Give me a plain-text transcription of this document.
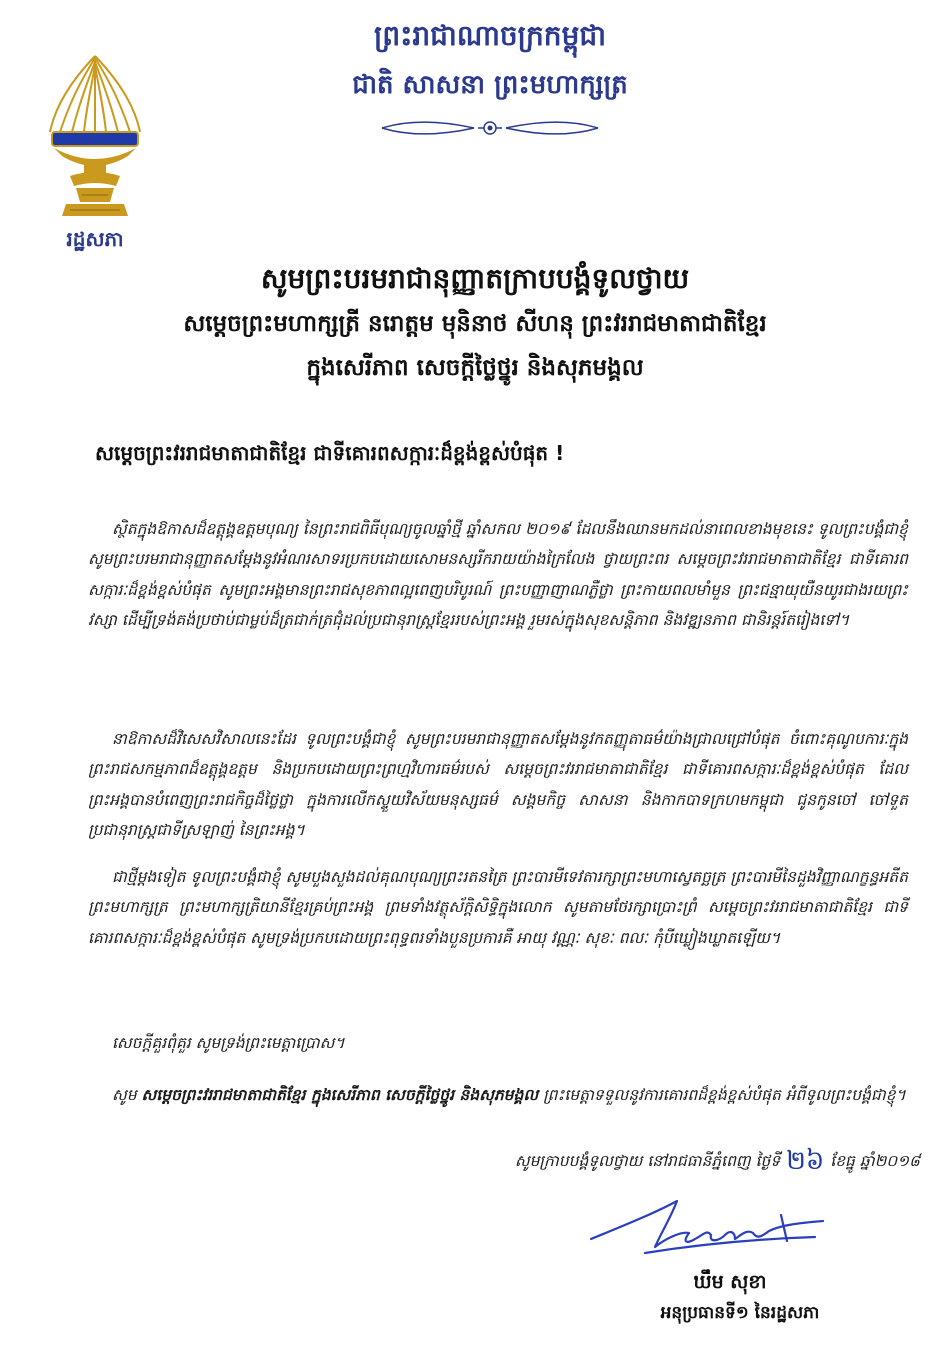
រដ្ឋសភា
ព្រះរាជាណាចក្រកម្ពុជា
ជាតិ សាសនា ព្រះមហាក្សត្រ
សូមព្រះបរមរាជានុញ្ញាតក្រាបបង្គំទូលថ្វាយ
សម្តេចព្រះមហាក្សត្រី នរោត្តម មុនិនាថ សីហនុ ព្រះវររាជមាតាជាតិខ្មែរ
ក្នុងសេរីភាព សេចក្តីថ្លៃថ្នូរ និងសុភមង្គល
សម្តេចព្រះវររាជមាតាជាតិខ្មែរ ជាទីគោរពសក្ការៈដ៏ខ្ពង់ខ្ពស់បំផុត !

ស្ថិតក្នុងឱកាសដ៏ឧត្តុង្គឧត្តមបុណ្យ នៃព្រះរាជពិធីបុណ្យចូលឆ្នាំថ្មី ឆ្នាំសកល ២០១៩ ដែលនឹងឈានមកដល់នាពេលខាងមុខនេះ ទូលព្រះបង្គំជាខ្ញុំ សូមព្រះបរមរាជានុញ្ញាតសម្តែងនូវអំណរសាទរប្រកបដោយសោមនស្សរីករាយយ៉ាងក្រៃលែង ថ្វាយព្រះពរ សម្តេចព្រះវររាជមាតាជាតិខ្មែរ ជាទីគោរពសក្ការៈដ៏ខ្ពង់ខ្ពស់បំផុត សូមព្រះអង្គមានព្រះរាជសុខភាពល្អពេញបរិបូរណ៍ ព្រះបញ្ញាញាណភ្លឺថ្លា ព្រះកាយពលមាំមួន ព្រះជន្មាយុយឺនយូរជាងរយព្រះវស្សា ដើម្បីទ្រង់គង់ប្រថាប់ជាម្លប់ដ៏ត្រជាក់ត្រជុំដល់ប្រជានុរាស្ត្រខ្មែររបស់ព្រះអង្គ រួមរស់ក្នុងសុខសន្តិភាព និងវឌ្ឍនភាព ជានិរន្តរ៍តរៀងទៅ។

នាឱកាសដ៏វិសេសវិសាលនេះដែរ ទូលព្រះបង្គំជាខ្ញុំ សូមព្រះបរមរាជានុញ្ញាតសម្តែងនូវកតញ្ញុតាធម៌យ៉ាងជ្រាលជ្រៅបំផុត ចំពោះគុណូបការៈក្នុងព្រះរាជសកម្មភាពដ៏ឧត្តុង្គឧត្តម និងប្រកបដោយព្រះព្រហ្មវិហារធម៌របស់ សម្តេចព្រះវររាជមាតាជាតិខ្មែរ ជាទីគោរពសក្ការៈដ៏ខ្ពង់ខ្ពស់បំផុត ដែលព្រះអង្គបានបំពេញព្រះរាជកិច្ចដ៏ថ្លៃថ្លា ក្នុងការលើកស្ទួយវិស័យមនុស្សធម៌ សង្គមកិច្ច សាសនា និងកាកបាទក្រហមកម្ពុជា ជូនកូនចៅ ចៅទួត ប្រជានុរាស្ត្រជាទីស្រឡាញ់ នៃព្រះអង្គ។

ជាថ្មីម្តងទៀត ទូលព្រះបង្គំជាខ្ញុំ សូមបួងសួងដល់គុណបុណ្យព្រះរតនត្រៃ ព្រះបារមីទេវតារក្សាព្រះមហាស្វេតច្ឆត្រ ព្រះបារមីនៃដួងវិញ្ញាណក្ខន្ធអតីតព្រះមហាក្សត្រ ព្រះមហាក្សត្រិយានីខ្មែរគ្រប់ព្រះអង្គ ព្រមទាំងវត្ថុស័ក្តិសិទ្ធិក្នុងលោក សូមតាមថែរក្សាប្រោះព្រំ សម្តេចព្រះវររាជមាតាជាតិខ្មែរ ជាទីគោរពសក្ការៈដ៏ខ្ពង់ខ្ពស់បំផុត សូមទ្រង់ប្រកបដោយព្រះពុទ្ធពរទាំងបួនប្រការគឺ អាយុ វណ្ណៈ សុខៈ ពលៈ កុំបីឃ្លៀងឃ្លាតឡើយ។

សេចក្តីគួរពុំគួរ សូមទ្រង់ព្រះមេត្តាប្រោស។

សូម សម្តេចព្រះវររាជមាតាជាតិខ្មែរ ក្នុងសេរីភាព សេចក្តីថ្លៃថ្នូរ និងសុភមង្គល ព្រះមេត្តាទទួលនូវការគោរពដ៏ខ្ពង់ខ្ពស់បំផុត អំពីទូលព្រះបង្គំជាខ្ញុំ។

សូមក្រាបបង្គំទូលថ្វាយ នៅរាជធានីភ្នំពេញ ថ្ងៃទី ២៦ ខែធ្នូ ឆ្នាំ២០១៨
ឃឹម សុខា
អនុប្រធានទី១ នៃរដ្ឋសភា
